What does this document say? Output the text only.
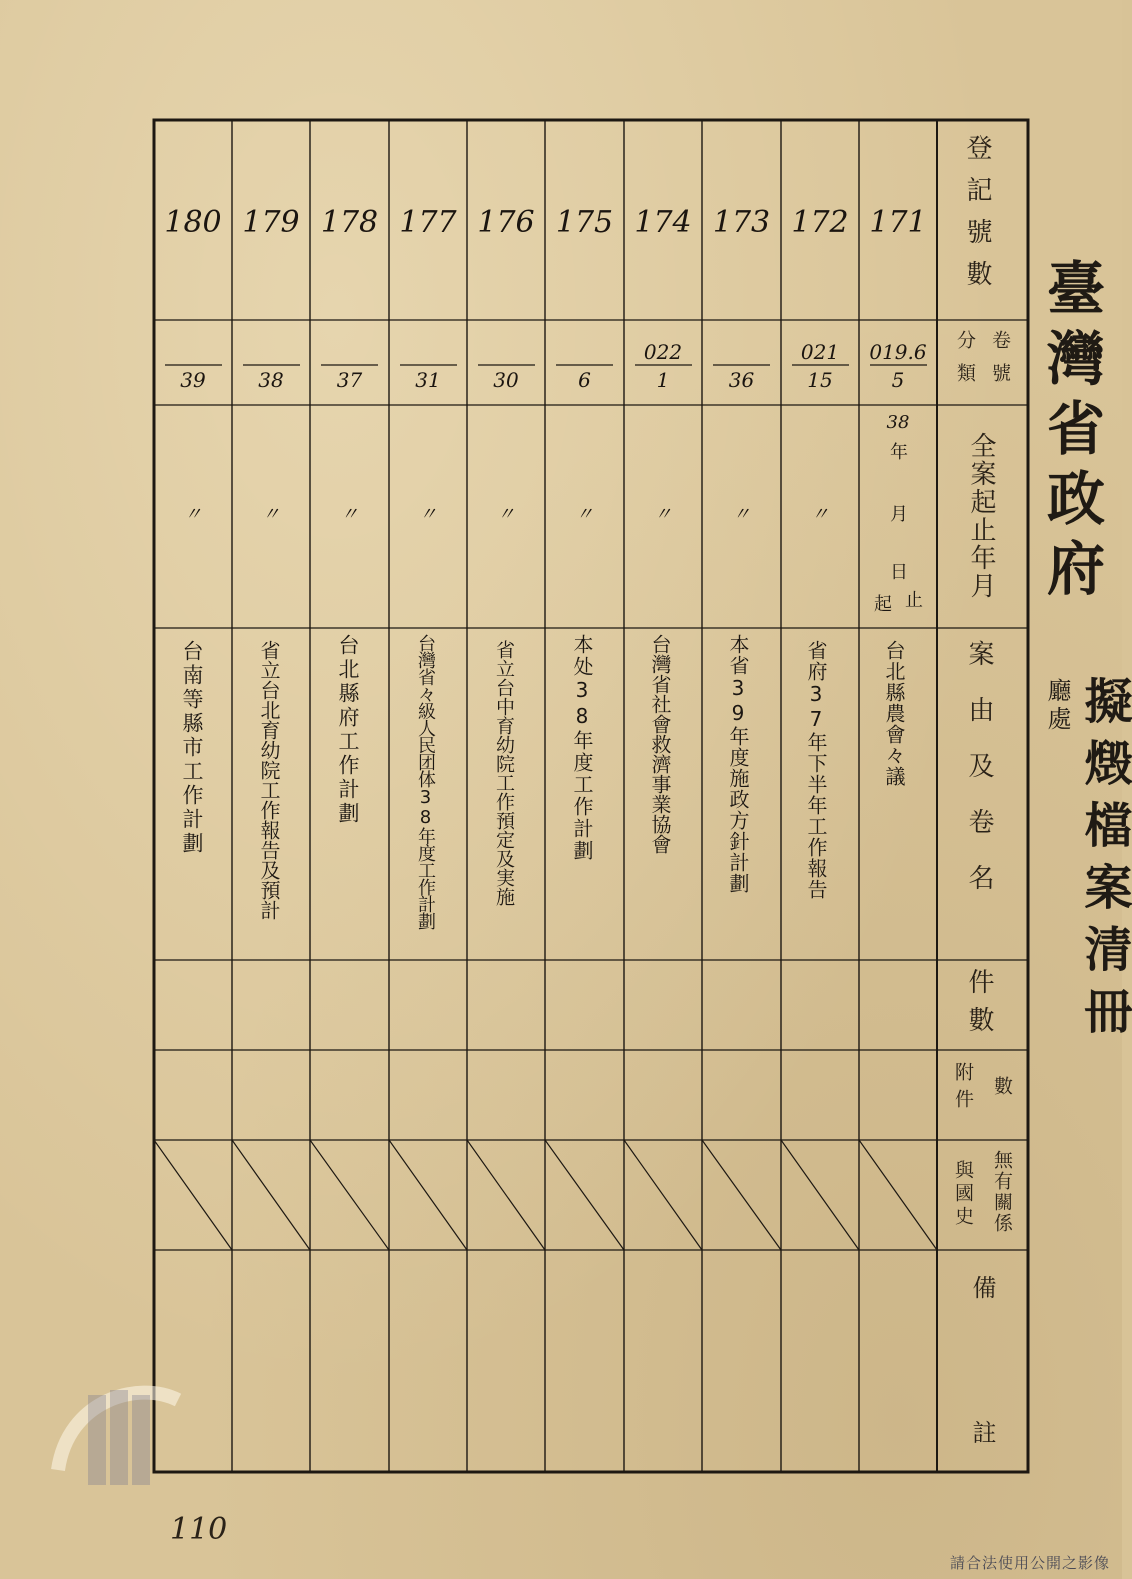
臺灣省政府
廳處 擬燬檔案清冊
登記號數
分類 卷號
全案起止年月
案由及卷名
件數
附件 數
與國史 無有關係
備
註
171
019.6
5
38
年
月
日
起 止
台北縣農會々議
172
021
15
〃
省府37年下半年工作報告
173
36
〃
本省39年度施政方針計劃
174
022
1
〃
台灣省社會救濟事業協會
175
6
〃
本处38年度工作計劃
176
30
〃
省立台中育幼院工作預定及実施
177
31
〃
台灣省々級人民团体38年度工作計劃
178
37
〃
台北縣府工作計劃
179
38
〃
省立台北育幼院工作報告及預計
180
39
〃
台南等縣市工作計劃
110
請合法使用公開之影像
